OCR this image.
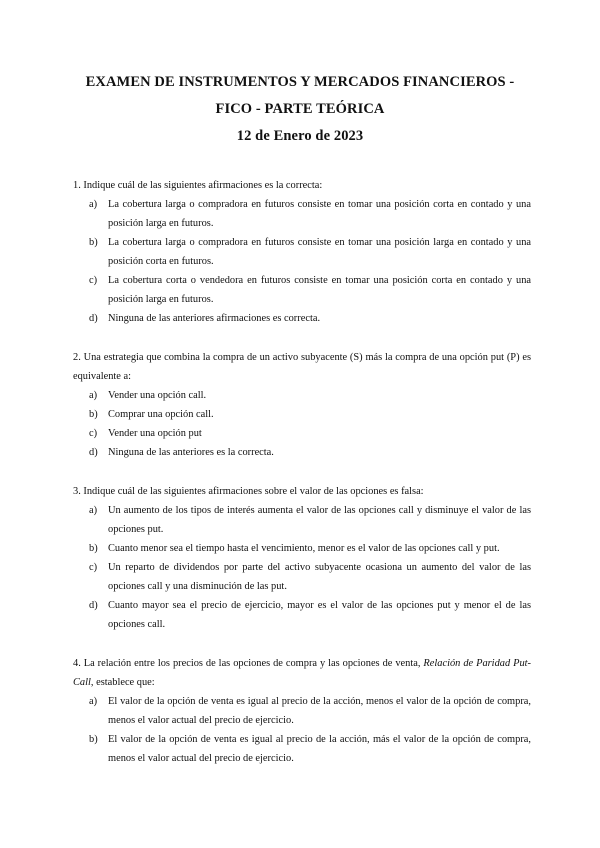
EXAMEN DE INSTRUMENTOS Y MERCADOS FINANCIEROS -
FICO - PARTE TEÓRICA
12 de Enero de 2023

1. Indique cuál de las siguientes afirmaciones es la correcta:

a) La cobertura larga o compradora en futuros consiste en tomar una posición corta en contado y una posición larga en futuros.
b) La cobertura larga o compradora en futuros consiste en tomar una posición larga en contado y una posición corta en futuros.
c) La cobertura corta o vendedora en futuros consiste en tomar una posición corta en contado y una posición larga en futuros.
d) Ninguna de las anteriores afirmaciones es correcta.

2. Una estrategia que combina la compra de un activo subyacente (S) más la compra de una opción put (P) es equivalente a:

a) Vender una opción call.
b) Comprar una opción call.
c) Vender una opción put
d) Ninguna de las anteriores es la correcta.

3. Indique cuál de las siguientes afirmaciones sobre el valor de las opciones es falsa:

a) Un aumento de los tipos de interés aumenta el valor de las opciones call y disminuye el valor de las opciones put.
b) Cuanto menor sea el tiempo hasta el vencimiento, menor es el valor de las opciones call y put.
c) Un reparto de dividendos por parte del activo subyacente ocasiona un aumento del valor de las opciones call y una disminución de las put.
d) Cuanto mayor sea el precio de ejercicio, mayor es el valor de las opciones put y menor el de las opciones call.

4. La relación entre los precios de las opciones de compra y las opciones de venta, Relación de Paridad Put-Call, establece que:

a) El valor de la opción de venta es igual al precio de la acción, menos el valor de la opción de compra, menos el valor actual del precio de ejercicio.
b) El valor de la opción de venta es igual al precio de la acción, más el valor de la opción de compra, menos el valor actual del precio de ejercicio.
